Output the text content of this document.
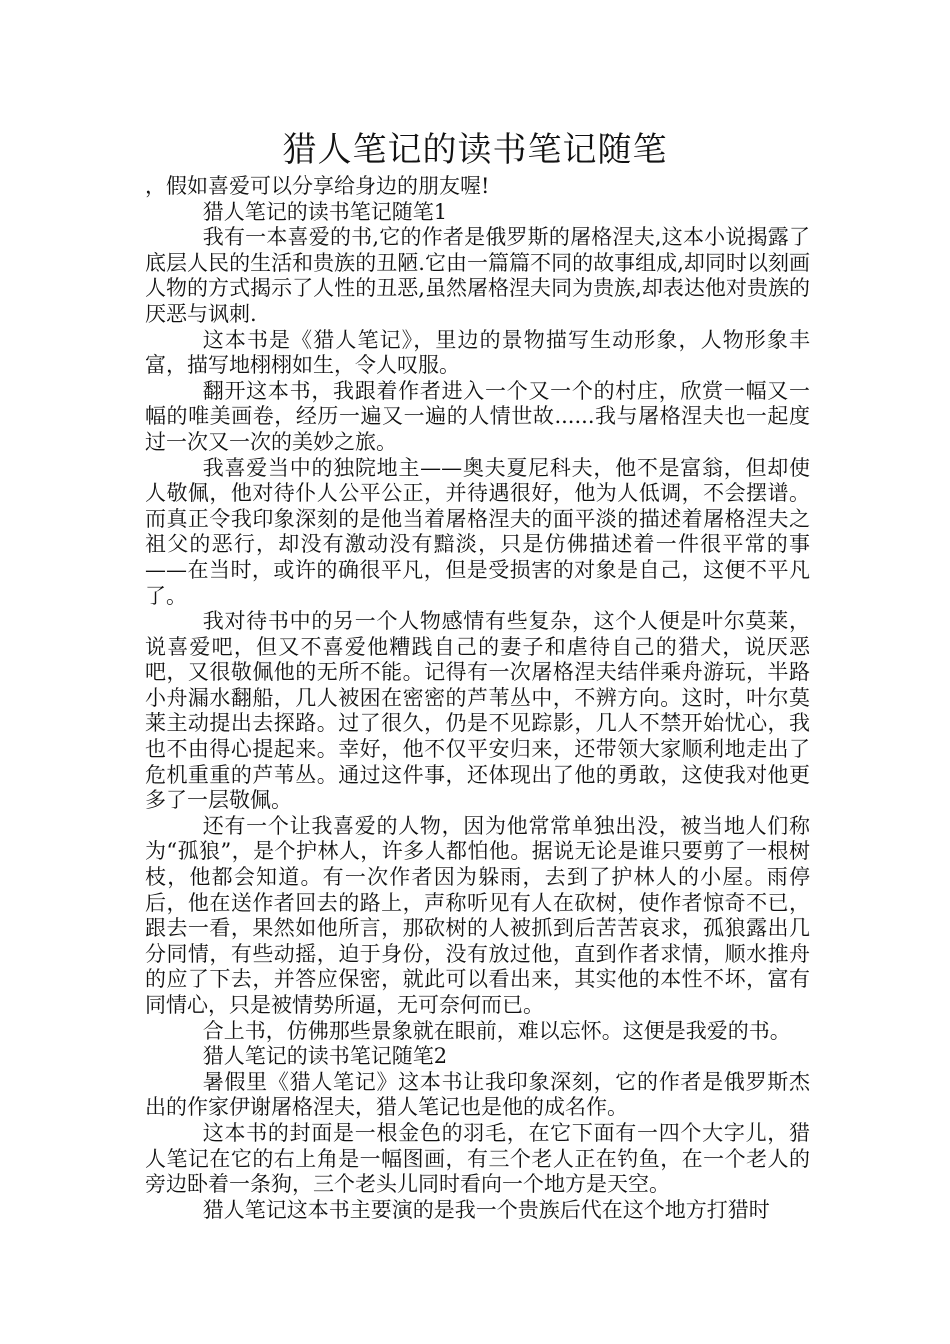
猎人笔记的读书笔记随笔

，假如喜爱可以分享给身边的朋友喔!

猎人笔记的读书笔记随笔1

我有一本喜爱的书,它的作者是俄罗斯的屠格涅夫,这本小说揭露了底层人民的生活和贵族的丑陋.它由一篇篇不同的故事组成,却同时以刻画人物的方式揭示了人性的丑恶,虽然屠格涅夫同为贵族,却表达他对贵族的厌恶与讽刺.

这本书是《猎人笔记》，里边的景物描写生动形象，人物形象丰富，描写地栩栩如生，令人叹服。

翻开这本书，我跟着作者进入一个又一个的村庄，欣赏一幅又一幅的唯美画卷，经历一遍又一遍的人情世故......我与屠格涅夫也一起度过一次又一次的美妙之旅。

我喜爱当中的独院地主——奥夫夏尼科夫，他不是富翁，但却使人敬佩，他对待仆人公平公正，并待遇很好，他为人低调，不会摆谱。而真正令我印象深刻的是他当着屠格涅夫的面平淡的描述着屠格涅夫之祖父的恶行，却没有激动没有黯淡，只是仿佛描述着一件很平常的事——在当时，或许的确很平凡，但是受损害的对象是自己，这便不平凡了。

我对待书中的另一个人物感情有些复杂，这个人便是叶尔莫莱，说喜爱吧，但又不喜爱他糟践自己的妻子和虐待自己的猎犬，说厌恶吧，又很敬佩他的无所不能。记得有一次屠格涅夫结伴乘舟游玩，半路小舟漏水翻船，几人被困在密密的芦苇丛中，不辨方向。这时，叶尔莫莱主动提出去探路。过了很久，仍是不见踪影，几人不禁开始忧心，我也不由得心提起来。幸好，他不仅平安归来，还带领大家顺利地走出了危机重重的芦苇丛。通过这件事，还体现出了他的勇敢，这使我对他更多了一层敬佩。

还有一个让我喜爱的人物，因为他常常单独出没，被当地人们称为“孤狼”，是个护林人，许多人都怕他。据说无论是谁只要剪了一根树枝，他都会知道。有一次作者因为躲雨，去到了护林人的小屋。雨停后，他在送作者回去的路上，声称听见有人在砍树，使作者惊奇不已，跟去一看，果然如他所言，那砍树的人被抓到后苦苦哀求，孤狼露出几分同情，有些动摇，迫于身份，没有放过他，直到作者求情，顺水推舟的应了下去，并答应保密，就此可以看出来，其实他的本性不坏，富有同情心，只是被情势所逼，无可奈何而已。

合上书，仿佛那些景象就在眼前，难以忘怀。这便是我爱的书。

猎人笔记的读书笔记随笔2

暑假里《猎人笔记》这本书让我印象深刻，它的作者是俄罗斯杰出的作家伊谢屠格涅夫，猎人笔记也是他的成名作。

这本书的封面是一根金色的羽毛，在它下面有一四个大字儿，猎人笔记在它的右上角是一幅图画，有三个老人正在钓鱼，在一个老人的旁边卧着一条狗，三个老头儿同时看向一个地方是天空。

猎人笔记这本书主要演的是我一个贵族后代在这个地方打猎时
